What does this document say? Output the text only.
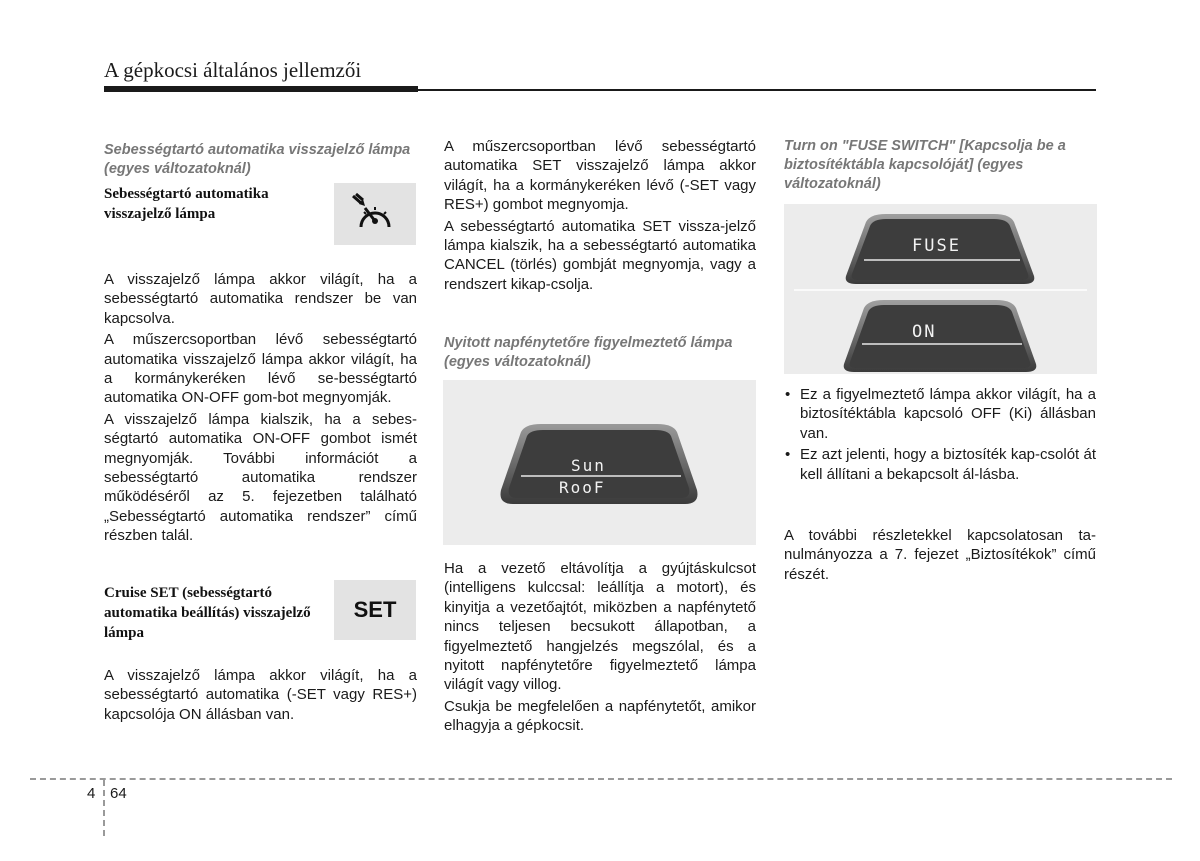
A gépkocsi általános jellemzői
Sebességtartó automatika visszajelző lámpa (egyes változatoknál)
Sebességtartó automatika visszajelző lámpa

A visszajelző lámpa akkor világít, ha a sebességtartó automatika rendszer be van kapcsolva.

A műszercsoportban lévő sebességtartó automatika visszajelző lámpa akkor világít, ha a kormánykeréken lévő se-bességtartó automatika ON-OFF gom-bot megnyomják.

A visszajelző lámpa kialszik, ha a sebes-ségtartó automatika ON-OFF gombot ismét megnyomják. További információt a sebességtartó automatika rendszer működéséről az 5. fejezetben található „Sebességtartó automatika rendszer” című részben talál.

Cruise SET (sebességtartó automatika beállítás) visszajelző lámpa
SET
A visszajelző lámpa akkor világít, ha a sebességtartó automatika (-SET vagy RES+) kapcsolója ON állásban van.

A műszercsoportban lévő sebességtartó automatika SET visszajelző lámpa akkor világít, ha a kormánykeréken lévő (-SET vagy RES+) gombot megnyomja.

A sebességtartó automatika SET vissza-jelző lámpa kialszik, ha a sebességtartó automatika CANCEL (törlés) gombját megnyomja, vagy a rendszert kikap-csolja.

Nyitott napfénytetőre figyelmeztető lámpa (egyes változatoknál)
Sun
RooF

Ha a vezető eltávolítja a gyújtáskulcsot (intelligens kulccsal: leállítja a motort), és kinyitja a vezetőajtót, miközben a napfénytető nincs teljesen becsukott állapotban, a figyelmeztető hangjelzés megszólal, és a nyitott napfénytetőre figyelmeztető lámpa világít vagy villog.

Csukja be megfelelően a napfénytetőt, amikor elhagyja a gépkocsit.

Turn on "FUSE SWITCH" [Kapcsolja be a biztosítéktábla kapcsolóját] (egyes változatoknál)
FUSE
ON
• Ez a figyelmeztető lámpa akkor világít, ha a biztosítéktábla kapcsoló OFF (Ki) állásban van.
• Ez azt jelenti, hogy a biztosíték kap-csolót át kell állítani a bekapcsolt ál-lásba.
A további részletekkel kapcsolatosan ta-nulmányozza a 7. fejezet „Biztosítékok” című részét.
4 64
